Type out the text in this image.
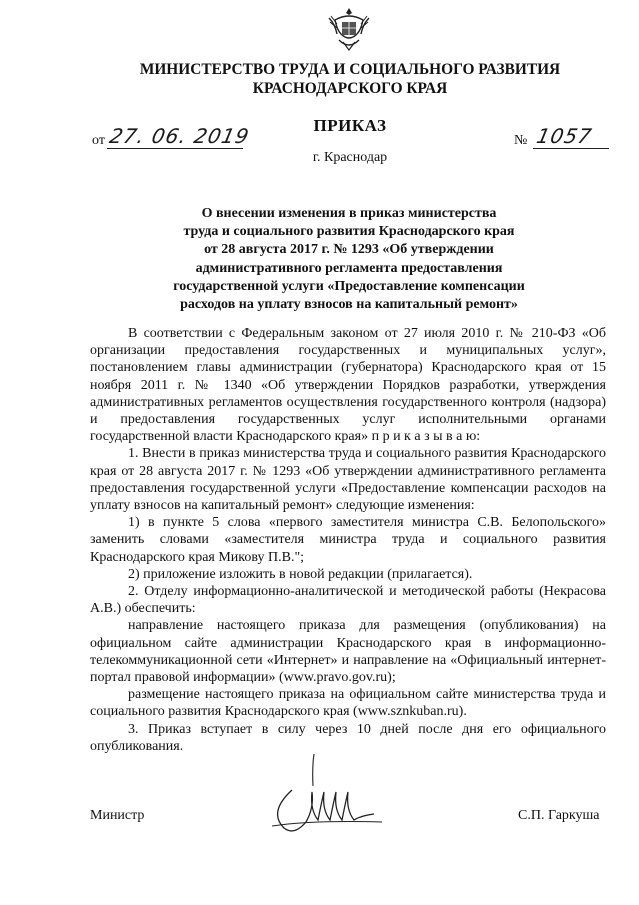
МИНИСТЕРСТВО ТРУДА И СОЦИАЛЬНОГО РАЗВИТИЯ
КРАСНОДАРСКОГО КРАЯ
ПРИКАЗ
от 27. 06. 2019	№ 1057
г. Краснодар
О внесении изменения в приказ министерства
труда и социального развития Краснодарского края
от 28 августа 2017 г. № 1293 «Об утверждении
административного регламента предоставления
государственной услуги «Предоставление компенсации
расходов на уплату взносов на капитальный ремонт»

В соответствии с Федеральным законом от 27 июля 2010 г. № 210-ФЗ «Об организации предоставления государственных и муниципальных услуг», постановлением главы администрации (губернатора) Краснодарского края от 15 ноября 2011 г. № 1340 «Об утверждении Порядков разработки, утверждения административных регламентов осуществления государственного контроля (надзора) и предоставления государственных услуг исполнительными органами государственной власти Краснодарского края» п р и к а з ы в а ю:

1. Внести в приказ министерства труда и социального развития Краснодарского края от 28 августа 2017 г. № 1293 «Об утверждении административного регламента предоставления государственной услуги «Предоставление компенсации расходов на уплату взносов на капитальный ремонт» следующие изменения:

1) в пункте 5 слова «первого заместителя министра С.В. Белопольского» заменить словами «заместителя министра труда и социального развития Краснодарского края Микову П.В.";

2) приложение изложить в новой редакции (прилагается).

2. Отделу информационно-аналитической и методической работы (Некрасова А.В.) обеспечить:

направление настоящего приказа для размещения (опубликования) на официальном сайте администрации Краснодарского края в информационно-телекоммуникационной сети «Интернет» и направление на «Официальный интернет-портал правовой информации» (www.pravo.gov.ru);

размещение настоящего приказа на официальном сайте министерства труда и социального развития Краснодарского края (www.sznkuban.ru).

3. Приказ вступает в силу через 10 дней после дня его официального опубликования.

Министр	С.П. Гаркуша
